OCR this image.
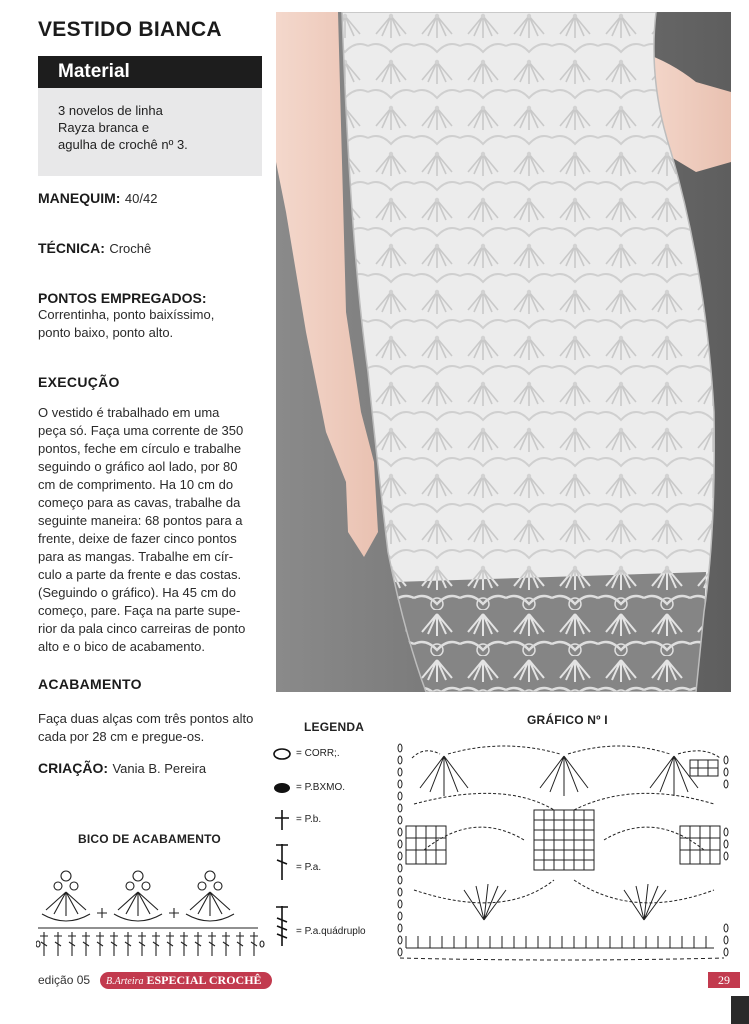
VESTIDO BIANCA
Material
3 novelos de linha
Rayza branca e
agulha de crochê nº 3.
MANEQUIM: 40/42
TÉCNICA: Crochê
PONTOS EMPREGADOS:
Correntinha, ponto baixíssimo,
ponto baixo, ponto alto.
EXECUÇÃO
O vestido é trabalhado em uma
peça só. Faça uma corrente de 350
pontos, feche em círculo e trabalhe
seguindo o gráfico aol lado, por 80
cm de comprimento. Ha 10 cm do
começo para as cavas, trabalhe da
seguinte maneira: 68 pontos para a
frente, deixe de fazer cinco pontos
para as mangas. Trabalhe em cír-
culo a parte da frente e das costas.
(Seguindo o gráfico). Ha 45 cm do
começo, pare. Faça na parte supe-
rior da pala cinco carreiras de ponto
alto e o bico de acabamento.
ACABAMENTO
Faça duas alças com três pontos alto
cada por 28 cm e pregue-os.
CRIAÇÃO: Vania B. Pereira
BICO DE ACABAMENTO
LEGENDA
= CORR;.
= P.BXMO.
= P.b.
= P.a.
= P.a.quádruplo
GRÁFICO Nº I
edição 05	B.Arteira ESPECIAL CROCHÊ	29
